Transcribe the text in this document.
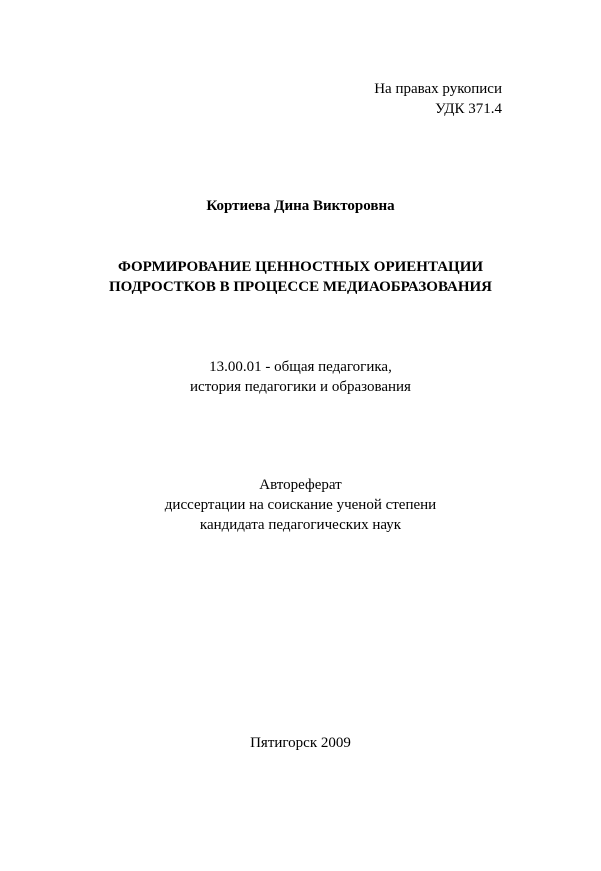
На правах рукописи
УДК 371.4
Кортиева Дина Викторовна
ФОРМИРОВАНИЕ ЦЕННОСТНЫХ ОРИЕНТАЦИИ
ПОДРОСТКОВ В ПРОЦЕССЕ МЕДИАОБРАЗОВАНИЯ
13.00.01 - общая педагогика,
история педагогики и образования
Автореферат
диссертации на соискание ученой степени
кандидата педагогических наук
Пятигорск 2009
